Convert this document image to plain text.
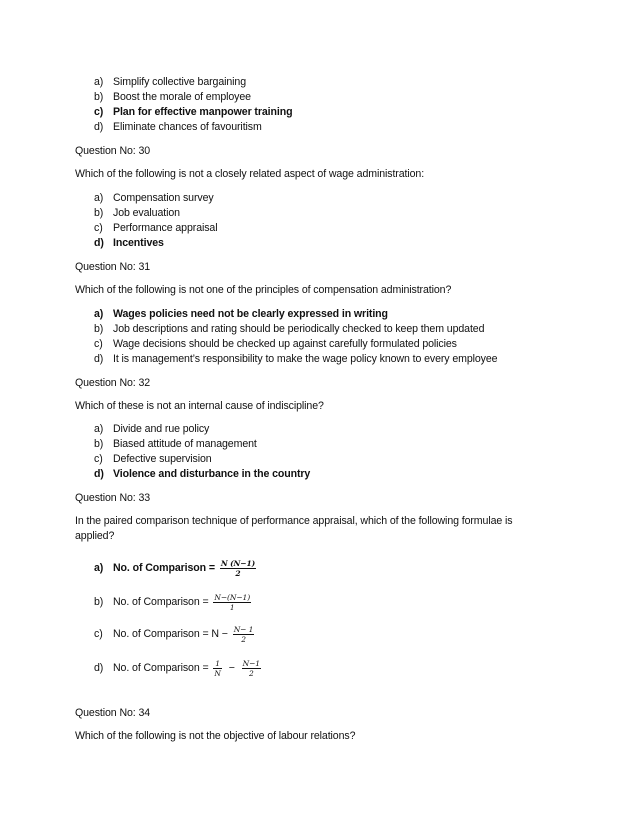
a) Simplify collective bargaining
b) Boost the morale of employee
c) Plan for effective manpower training
d) Eliminate chances of favouritism
Question No: 30
Which of the following is not a closely related aspect of wage administration:
a) Compensation survey
b) Job evaluation
c) Performance appraisal
d) Incentives
Question No: 31
Which of the following is not one of the principles of compensation administration?
a) Wages policies need not be clearly expressed in writing
b) Job descriptions and rating should be periodically checked to keep them updated
c) Wage decisions should be checked up against carefully formulated policies
d) It is management’s responsibility to make the wage policy known to every employee
Question No: 32
Which of these is not an internal cause of indiscipline?
a) Divide and rue policy
b) Biased attitude of management
c) Defective supervision
d) Violence and disturbance in the country
Question No: 33
In the paired comparison technique of performance appraisal, which of the following formulae is applied?
a) No. of Comparison = $\frac{N (N-1)}{2}$
b) No. of Comparison = $\frac{N-(N-1)}{1}$
c) No. of Comparison = $N - \frac{N- 1}{2}$
d) No. of Comparison = $\frac{1}{N} - \frac{N-1}{2}$
Question No: 34
Which of the following is not the objective of labour relations?
